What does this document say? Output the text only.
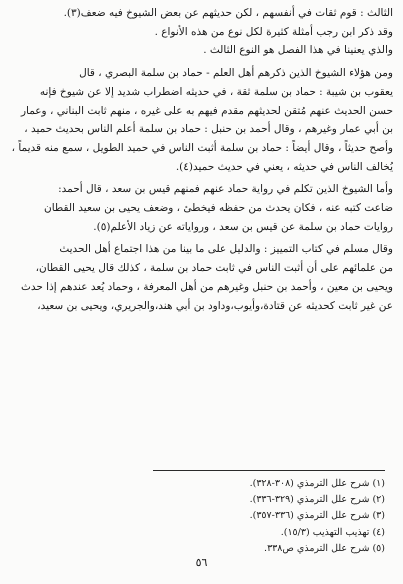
الثالث : قوم ثقات في أنفسهم ، لكن حديثهم عن بعض الشيوخ فيه ضعف(٣).
وقد ذكر ابن رجب أمثلة كثيرة لكل نوع من هذه الأنواع .
والذي يعنينا في هذا الفصل هو النوع الثالث .

ومن هؤلاء الشيوخ الذين ذكرهم أهل العلم - حماد بن سلمة البصري ، قال
يعقوب بن شيبة : حماد بن سلمة ثقة ، في حديثه اضطراب شديد إلا عن شيوخ فإنه
حسن الحديث عنهم مُتقن لحديثهم مقدم فيهم به على غيره ، منهم ثابت البناني ، وعمار
بن أبي عمار وغيرهم ، وقال أحمد بن حنبل : حماد بن سلمة أعلم الناس بحديث حميد ،
وأصح حديثاً ، وقال أيضاً : حماد بن سلمة أثبت الناس في حميد الطويل ، سمع منه قديماً ،
يُخالف الناس في حديثه ، يعني في حديث حميد(٤).

وأما الشيوخ الذين تكلم في رواية حماد عنهم فمنهم قيس بن سعد ، قال أحمد:
ضاعت كتبه عنه ، فكان يحدث من حفظه فيخطئ ، وضعف يحيى بن سعيد القطان
روايات حماد بن سلمة عن قيس بن سعد ، ورواياته عن زياد الأعلم(٥).

وقال مسلم في كتاب التمييز : والدليل على ما بينا من هذا اجتماع أهل الحديث
من علمائهم على أن أثبت الناس في ثابت حماد بن سلمة ، كذلك قال يحيى القطان،
ويحيى بن معين ، وأحمد بن حنبل وغيرهم من أهل المعرفة ، وحماد يُعد عندهم إذا حدث
عن غير ثابت كحديثه عن قتادة،وأيوب،وداود بن أبي هند،والجريري، ويحيى بن سعيد،

(١) شرح علل الترمذي (٣٠٨-٣٢٨).
(٢) شرح علل الترمذي (٣٢٩-٣٣٦).
(٣) شرح علل الترمذي (٣٣٦-٣٥٧).
(٤) تهذيب التهذيب (١٥/٣).
(٥) شرح علل الترمذي ص٣٣٨.
٥٦
